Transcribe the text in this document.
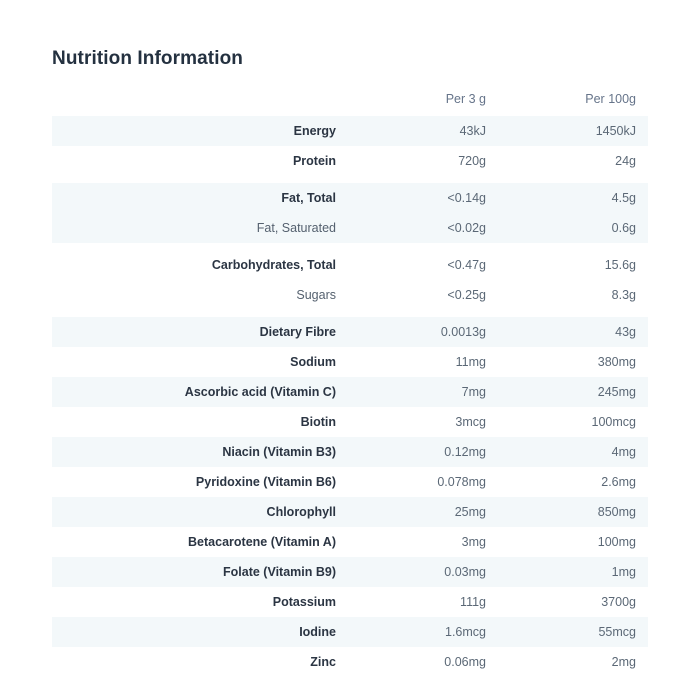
Nutrition Information
	Per 3 g	Per 100g
Energy	43kJ	1450kJ
Protein	720g	24g

Fat, Total	<0.14g	4.5g
Fat, Saturated	<0.02g	0.6g

Carbohydrates, Total	<0.47g	15.6g
Sugars	<0.25g	8.3g

Dietary Fibre	0.0013g	43g
Sodium	11mg	380mg
Ascorbic acid (Vitamin C)	7mg	245mg
Biotin	3mcg	100mcg
Niacin (Vitamin B3)	0.12mg	4mg
Pyridoxine (Vitamin B6)	0.078mg	2.6mg
Chlorophyll	25mg	850mg
Betacarotene (Vitamin A)	3mg	100mg
Folate (Vitamin B9)	0.03mg	1mg
Potassium	111g	3700g
Iodine	1.6mcg	55mcg
Zinc	0.06mg	2mg
